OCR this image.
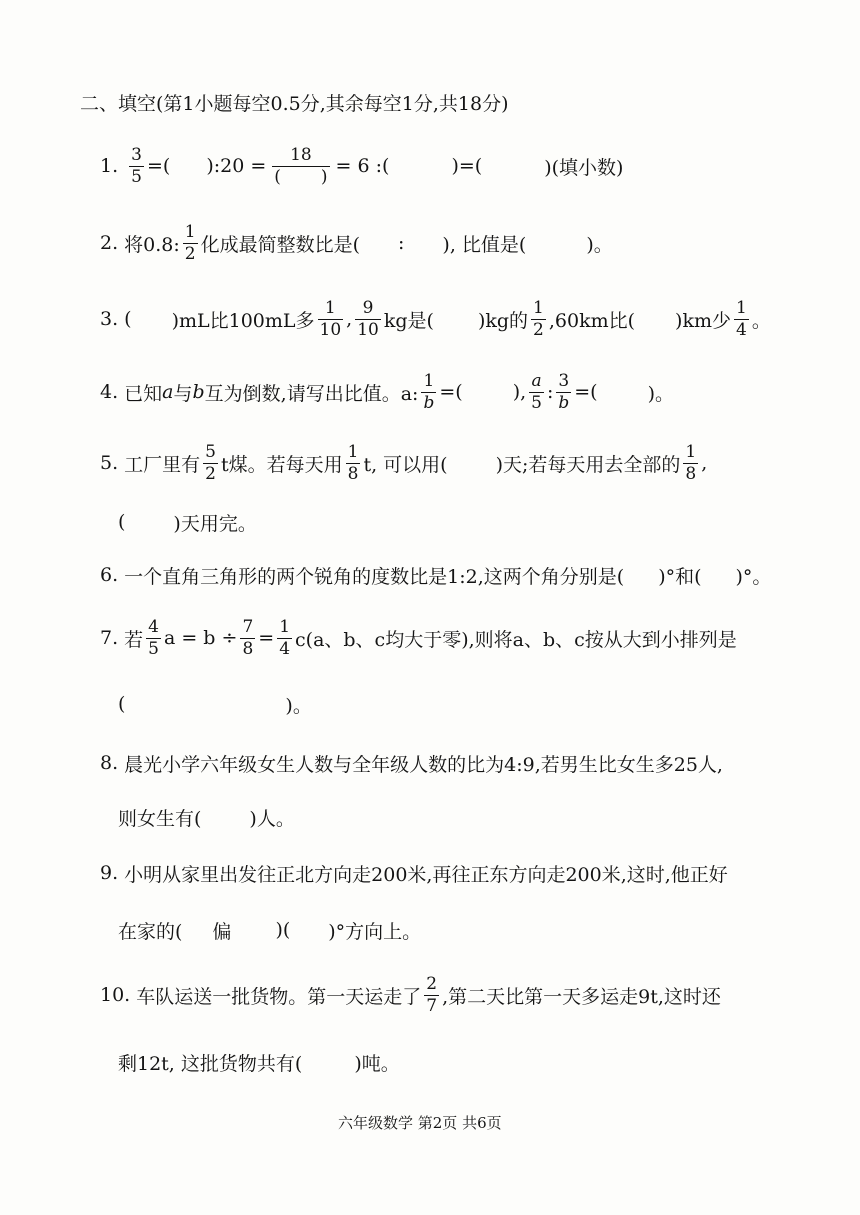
二、填空(第1小题每空0.5分,其余每空1分,共18分)
1. $\frac{3}{5}$ =( ):20 = $\frac{18}{( )} = 6$ :(	)=(	)(填小数)
2. 将0.8: $\frac{1}{2}$ 化成最简整数比是( : ), 比值是(	)。
3. ( )mL比100mL多 $\frac{1}{10}$ , $\frac{9}{10}$ kg是( )kg的 $\frac{1}{2} ,60km$比( )km少 $\frac{1}{4}$ 。
4. 已知 a 与 b 互为倒数,请写出比值。a: $\frac{1}{b}$ =(	), $\frac{a}{5}$ : $\frac{3}{b}$ =(	)。
5. 工厂里有 $\frac{5}{2}$ t煤。若每天用 $\frac{1}{8} t$, 可以用(	)天;若每天用去全部的 $\frac{1}{8}$ ,
(	)天用完。
6. 一个直角三角形的两个锐角的度数比是1:2,这两个角分别是( )°和( )°。
7. 若 $\frac{4}{5}$ $a = b \div \frac{7}{8} = \frac{1}{4} c(a$、b、c均大于零),则将a、b、c按从大到小排列是
(	)。
8. 晨光小学六年级女生人数与全年级人数的比为4:9,若男生比女生多25人,
则女生有(	)人。
9. 小明从家里出发往正北方向走200米,再往正东方向走200米,这时,他正好
在家的( 偏 )( )°方向上。
10. 车队运送一批货物。第一天运走了 $\frac{2}{7}$ ,第二天比第一天多运走9t,这时还
剩12t, 这批货物共有(	)吨。
六年级数学 第2页 共6页
